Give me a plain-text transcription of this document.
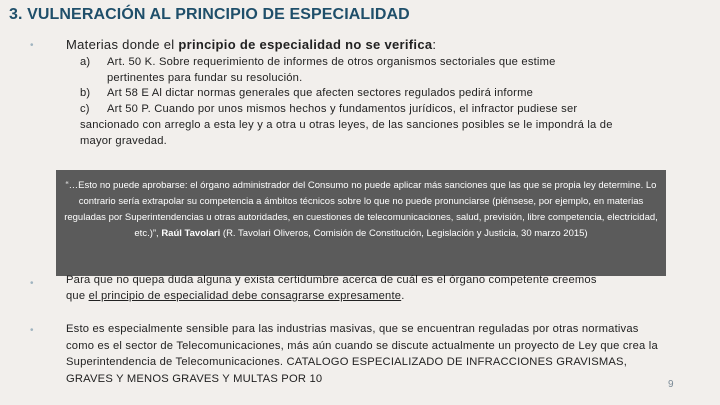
3. VULNERACIÓN AL PRINCIPIO DE ESPECIALIDAD
• Materias donde el principio de especialidad no se verifica:
a) Art. 50 K. Sobre requerimiento de informes de otros organismos sectoriales que estime
pertinentes para fundar su resolución.
b) Art 58 E Al dictar normas generales que afecten sectores regulados pedirá informe
c) Art 50 P. Cuando por unos mismos hechos y fundamentos jurídicos, el infractor pudiese ser
sancionado con arreglo a esta ley y a otra u otras leyes, de las sanciones posibles se le impondrá la de
mayor gravedad.
“…Esto no puede aprobarse: el órgano administrador del Consumo no puede aplicar más sanciones que las que se propia ley determine. Lo contrario sería extrapolar su competencia a ámbitos técnicos sobre lo que no puede pronunciarse (piénsese, por ejemplo, en materias reguladas por Superintendencias u otras autoridades, en cuestiones de telecomunicaciones, salud, previsión, libre competencia, electricidad, etc.)”, Raúl Tavolari (R. Tavolari Oliveros, Comisión de Constitución, Legislación y Justicia, 30 marzo 2015)
•	Para que no quepa duda alguna y exista certidumbre acerca de cuál es el órgano competente creemos
que el principio de especialidad debe consagrarse expresamente.
•	Esto es especialmente sensible para las industrias masivas, que se encuentran reguladas por otras normativas como es el sector de Telecomunicaciones, más aún cuando se discute actualmente un proyecto de Ley que crea la Superintendencia de Telecomunicaciones. CATALOGO ESPECIALIZADO DE INFRACCIONES GRAVISMAS, GRAVES Y MENOS GRAVES Y MULTAS POR 10	9
